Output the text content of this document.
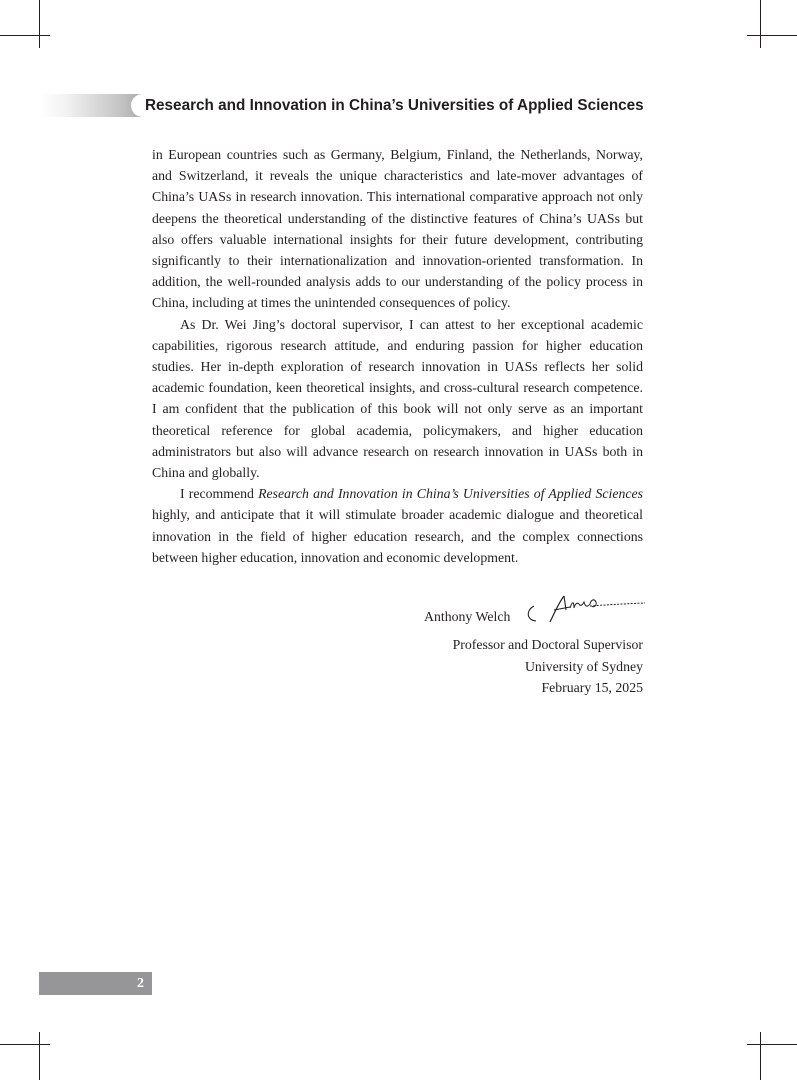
Research and Innovation in China’s Universities of Applied Sciences

in European countries such as Germany, Belgium, Finland, the Netherlands, Norway, and Switzerland, it reveals the unique characteristics and late-mover advantages of China’s UASs in research innovation. This international comparative approach not only deepens the theoretical understanding of the distinctive features of China’s UASs but also offers valuable international insights for their future development, contributing significantly to their internationalization and innovation-oriented transformation. In addition, the well-rounded analysis adds to our understanding of the policy process in China, including at times the unintended consequences of policy.

As Dr. Wei Jing’s doctoral supervisor, I can attest to her exceptional academic capabilities, rigorous research attitude, and enduring passion for higher education studies. Her in-depth exploration of research innovation in UASs reflects her solid academic foundation, keen theoretical insights, and cross-cultural research competence. I am confident that the publication of this book will not only serve as an important theoretical reference for global academia, policymakers, and higher education administrators but also will advance research on research innovation in UASs both in China and globally.

I recommend Research and Innovation in China’s Universities of Applied Sciences highly, and anticipate that it will stimulate broader academic dialogue and theoretical innovation in the field of higher education research, and the complex connections between higher education, innovation and economic development.

Anthony Welch
Professor and Doctoral Supervisor
University of Sydney
February 15, 2025
2
